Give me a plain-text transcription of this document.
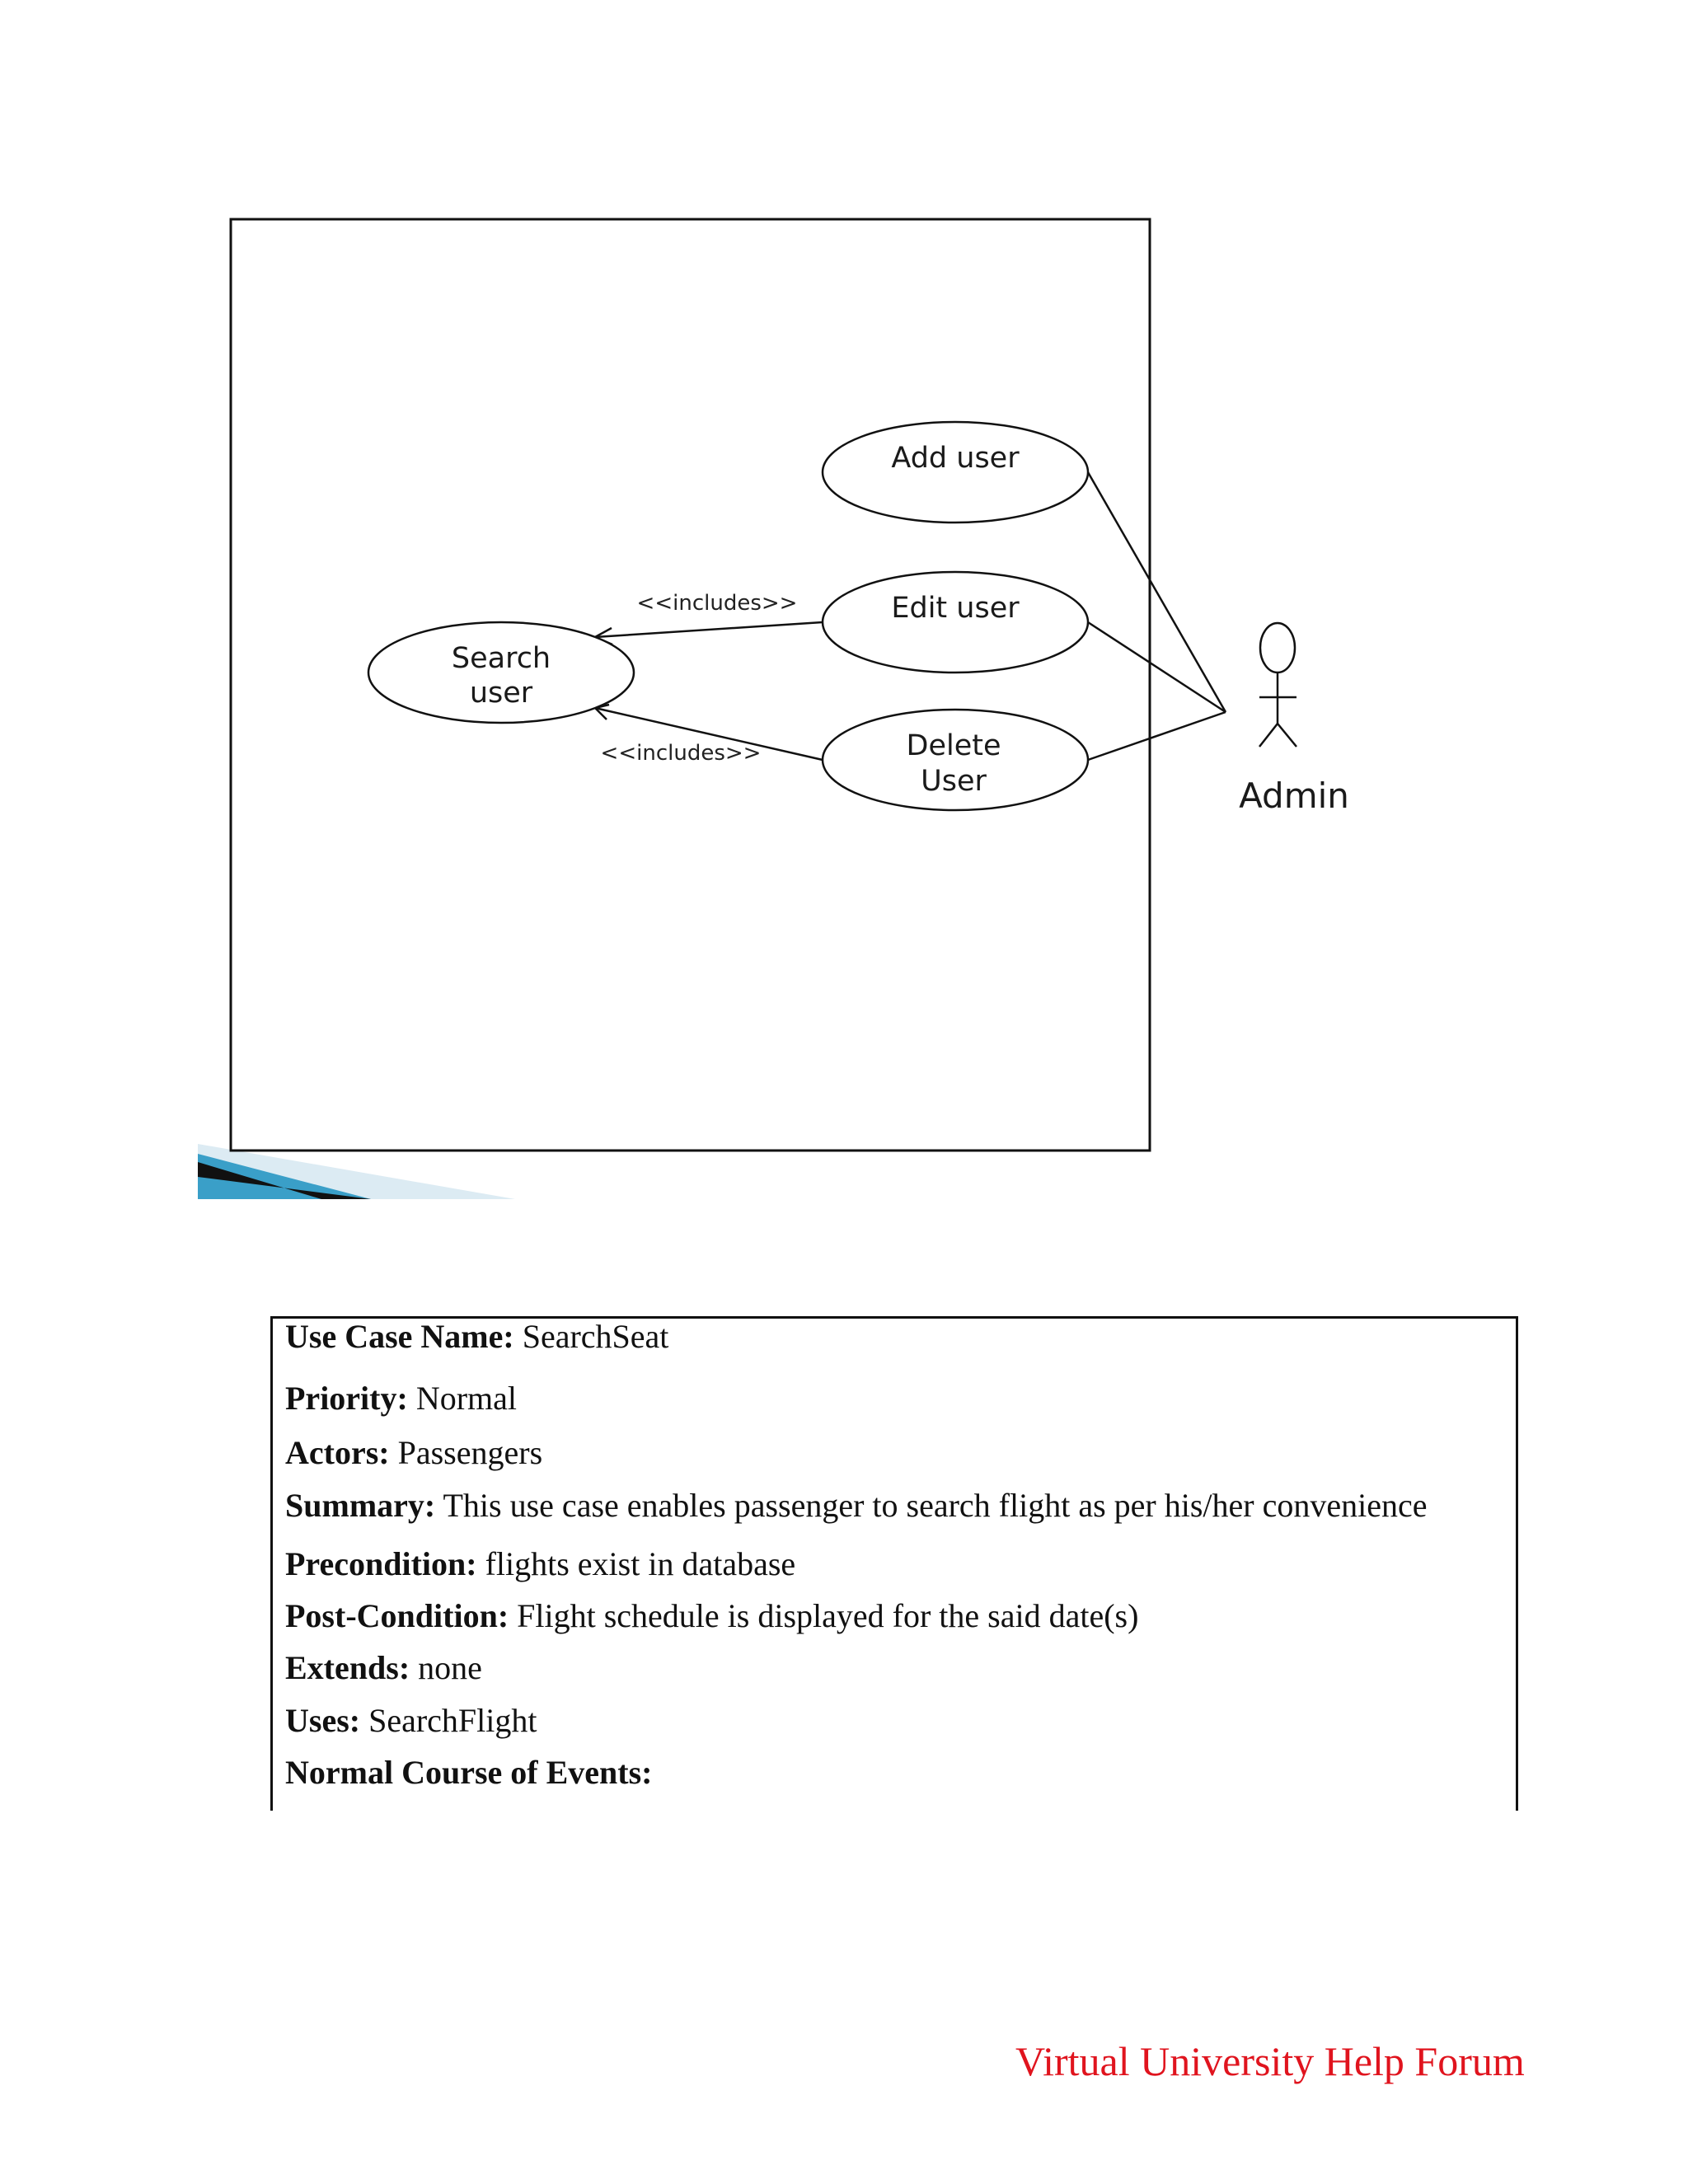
<<includes>>
<<includes>>
Add user
Edit user
Search
user
Delete
User	Admin
Use Case Name: SearchSeat
Priority: Normal
Actors: Passengers
Summary: This use case enables passenger to search flight as per his/her convenience
Precondition: flights exist in database
Post-Condition: Flight schedule is displayed for the said date(s)
Extends: none
Uses: SearchFlight
Normal Course of Events:
Virtual University Help Forum
